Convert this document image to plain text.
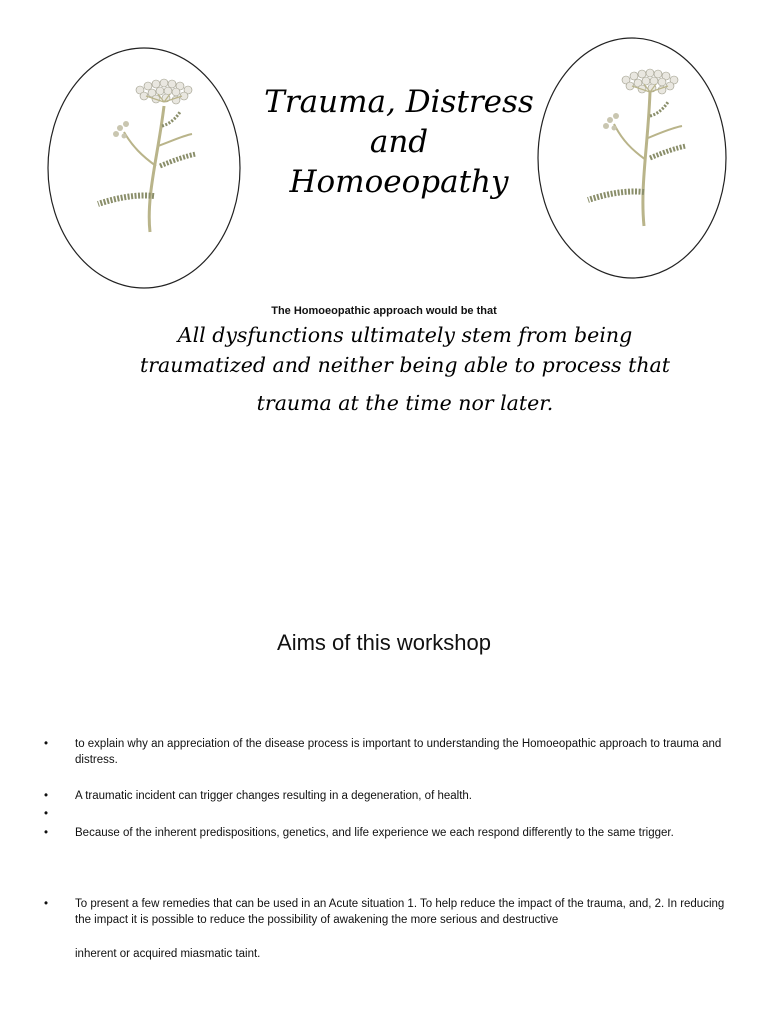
Trauma, Distress
and
Homoeopathy
The Homoeopathic approach would be that
All dysfunctions ultimately stem from being
traumatized and neither being able to process that
trauma at the time nor later.
Aims of this workshop
• to explain why an appreciation of the disease process is important to understanding the Homoeopathic approach to trauma and distress.
• A traumatic incident can trigger changes resulting in a degeneration, of health.
•
• Because of the inherent predispositions, genetics, and life experience we each respond differently to the same trigger.
• To present a few remedies that can be used in an Acute situation 1. To help reduce the impact of the trauma, and, 2. In reducing the impact it is possible to reduce the possibility of awakening the more serious and destructive
inherent or acquired miasmatic taint.
